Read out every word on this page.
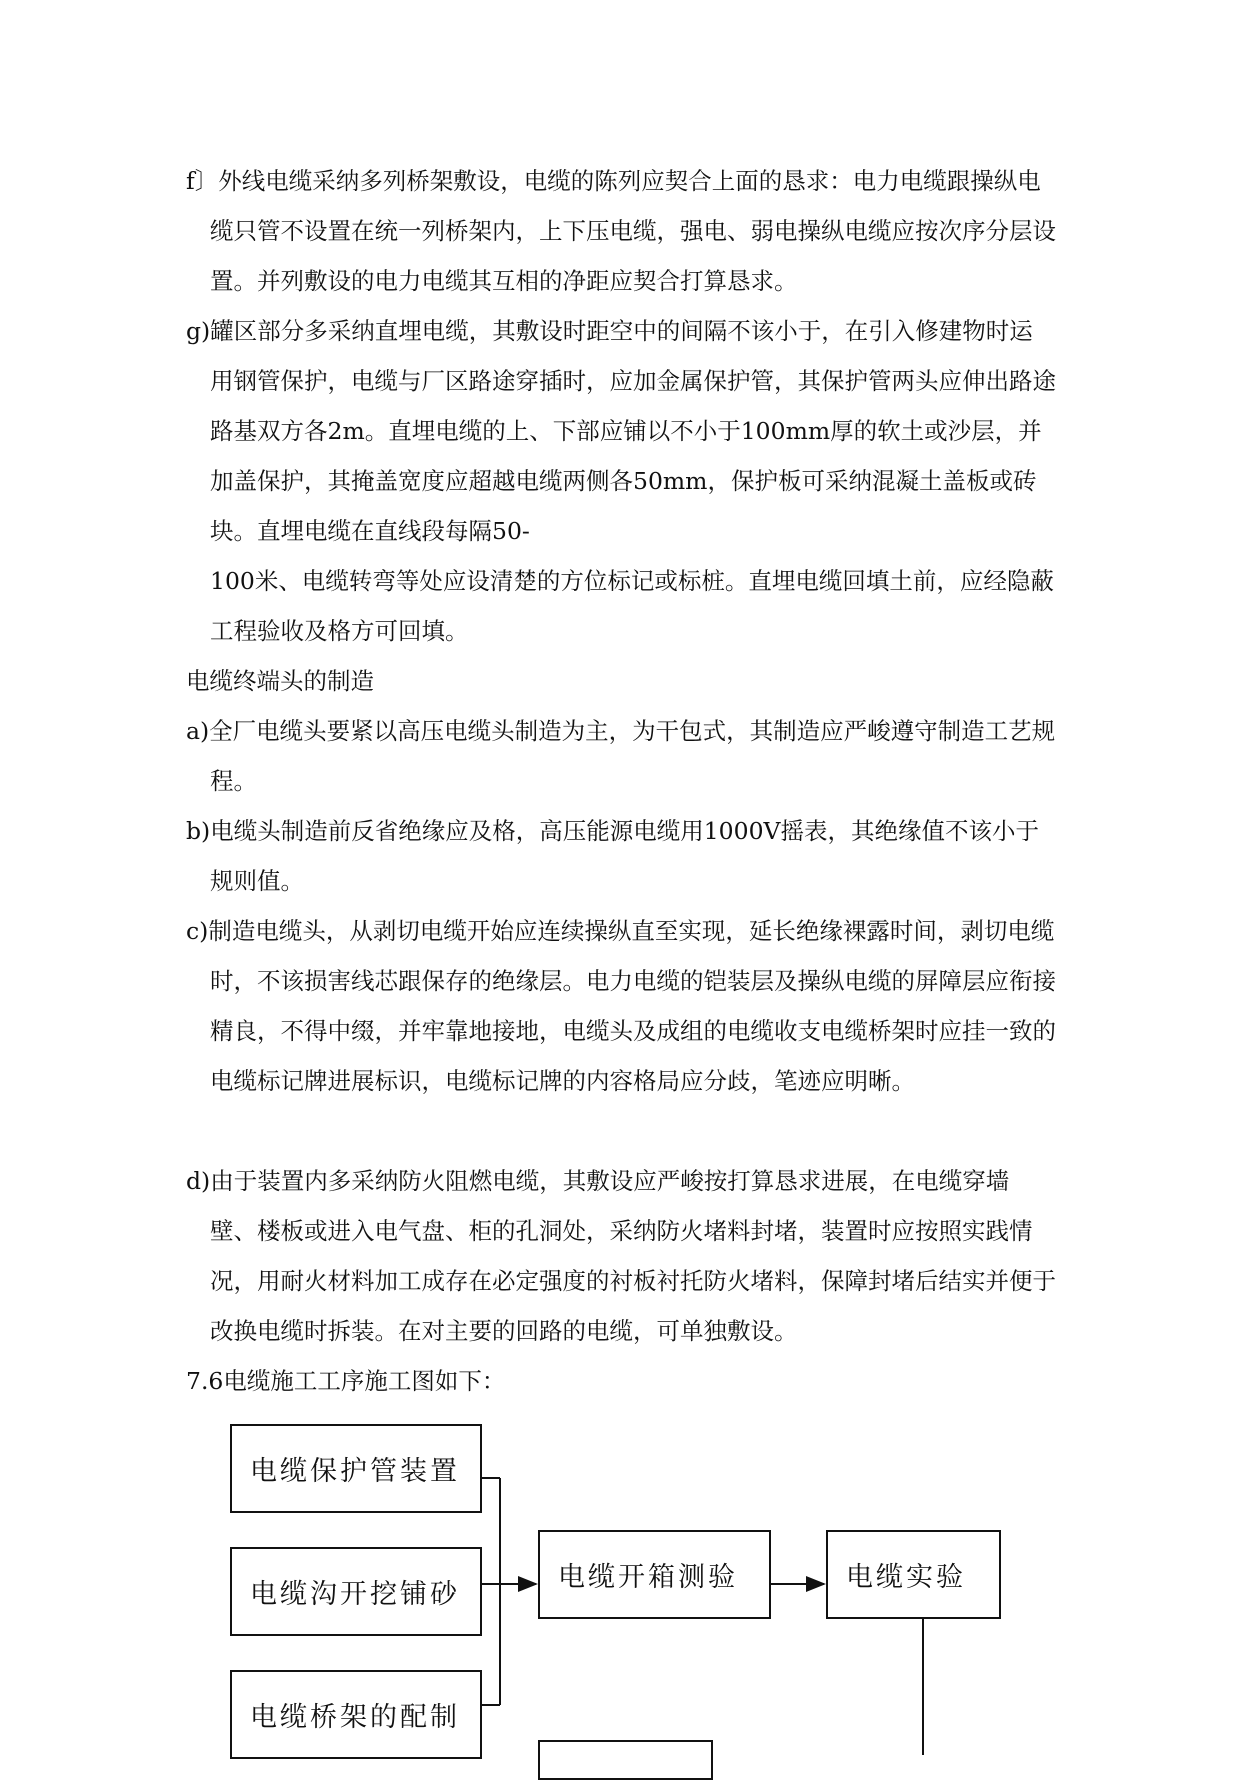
f〕外线电缆采纳多列桥架敷设，电缆的陈列应契合上面的恳求：电力电缆跟操纵电缆只管不设置在统一列桥架内，上下压电缆，强电、弱电操纵电缆应按次序分层设置。并列敷设的电力电缆其互相的净距应契合打算恳求。

g)罐区部分多采纳直埋电缆，其敷设时距空中的间隔不该小于，在引入修建物时运用钢管保护，电缆与厂区路途穿插时，应加金属保护管，其保护管两头应伸出路途路基双方各2m。直埋电缆的上、下部应铺以不小于100mm厚的软土或沙层，并加盖保护，其掩盖宽度应超越电缆两侧各50mm，保护板可采纳混凝土盖板或砖块。直埋电缆在直线段每隔50-

100米、电缆转弯等处应设清楚的方位标记或标桩。直埋电缆回填土前，应经隐蔽工程验收及格方可回填。

电缆终端头的制造

a)全厂电缆头要紧以高压电缆头制造为主，为干包式，其制造应严峻遵守制造工艺规程。

b)电缆头制造前反省绝缘应及格，高压能源电缆用1000V摇表，其绝缘值不该小于规则值。

c)制造电缆头，从剥切电缆开始应连续操纵直至实现，延长绝缘裸露时间，剥切电缆时，不该损害线芯跟保存的绝缘层。电力电缆的铠装层及操纵电缆的屏障层应衔接精良，不得中缀，并牢靠地接地，电缆头及成组的电缆收支电缆桥架时应挂一致的电缆标记牌进展标识，电缆标记牌的内容格局应分歧，笔迹应明晰。

d)由于装置内多采纳防火阻燃电缆，其敷设应严峻按打算恳求进展，在电缆穿墙壁、楼板或进入电气盘、柜的孔洞处，采纳防火堵料封堵，装置时应按照实践情况，用耐火材料加工成存在必定强度的衬板衬托防火堵料，保障封堵后结实并便于改换电缆时拆装。在对主要的回路的电缆，可单独敷设。

7.6电缆施工工序施工图如下：

电缆保护管装置
电缆沟开挖铺砂
电缆桥架的配制
电缆开箱测验	电缆实验
